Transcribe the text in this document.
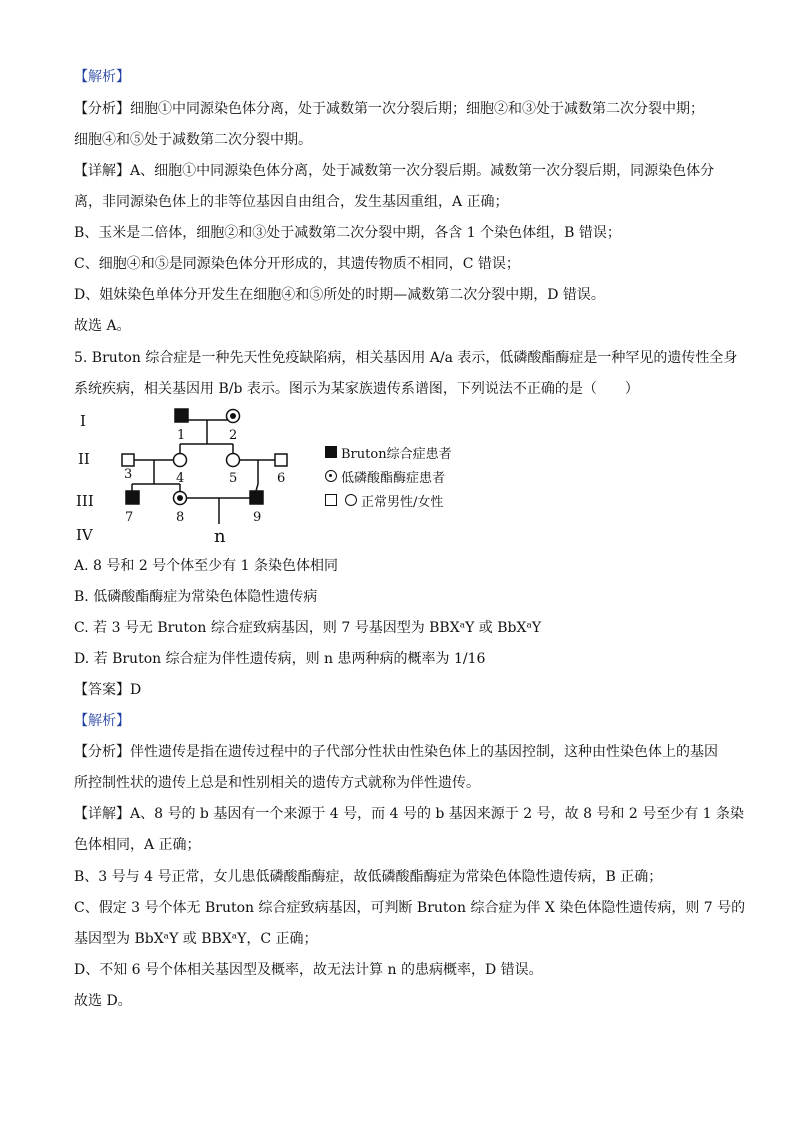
【解析】
【分析】细胞①中同源染色体分离，处于减数第一次分裂后期；细胞②和③处于减数第二次分裂中期；
细胞④和⑤处于减数第二次分裂中期。
【详解】A、细胞①中同源染色体分离，处于减数第一次分裂后期。减数第一次分裂后期，同源染色体分
离，非同源染色体上的非等位基因自由组合，发生基因重组，A 正确；
B、玉米是二倍体，细胞②和③处于减数第二次分裂中期，各含 1 个染色体组，B 错误；
C、细胞④和⑤是同源染色体分开形成的，其遗传物质不相同，C 错误；
D、姐妹染色单体分开发生在细胞④和⑤所处的时期—减数第二次分裂中期，D 错误。
故选 A。
5. Bruton 综合症是一种先天性免疫缺陷病，相关基因用 A/a 表示，低磷酸酯酶症是一种罕见的遗传性全身
系统疾病，相关基因用 B/b 表示。图示为某家族遗传系谱图，下列说法不正确的是（　　）
I
II
III
IV
1	2
3	4	5	6
7	8	9
n
Bruton综合症患者
低磷酸酯酶症患者
正常男性/女性
A. 8 号和 2 号个体至少有 1 条染色体相同
B. 低磷酸酯酶症为常染色体隐性遗传病
C. 若 3 号无 Bruton 综合症致病基因，则 7 号基因型为 BBXᵃY 或 BbXᵃY
D. 若 Bruton 综合症为伴性遗传病，则 n 患两种病的概率为 1/16
【答案】D
【解析】
【分析】伴性遗传是指在遗传过程中的子代部分性状由性染色体上的基因控制，这种由性染色体上的基因
所控制性状的遗传上总是和性别相关的遗传方式就称为伴性遗传。
【详解】A、8 号的 b 基因有一个来源于 4 号，而 4 号的 b 基因来源于 2 号，故 8 号和 2 号至少有 1 条染
色体相同，A 正确；
B、3 号与 4 号正常，女儿患低磷酸酯酶症，故低磷酸酯酶症为常染色体隐性遗传病，B 正确；
C、假定 3 号个体无 Bruton 综合症致病基因，可判断 Bruton 综合症为伴 X 染色体隐性遗传病，则 7 号的
基因型为 BbXᵃY 或 BBXᵃY，C 正确；
D、不知 6 号个体相关基因型及概率，故无法计算 n 的患病概率，D 错误。
故选 D。
